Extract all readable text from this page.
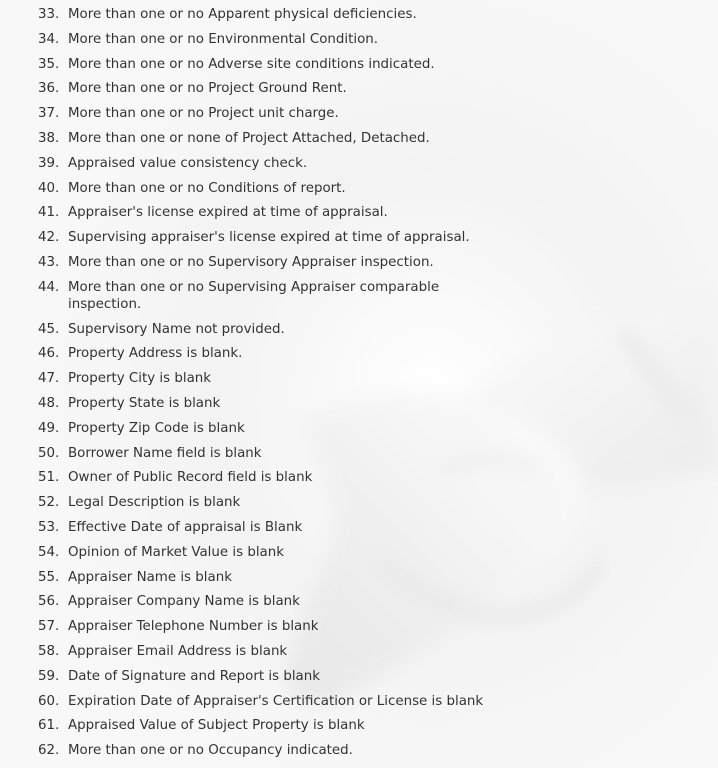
33. More than one or no Apparent physical deficiencies.
34. More than one or no Environmental Condition.
35. More than one or no Adverse site conditions indicated.
36. More than one or no Project Ground Rent.
37. More than one or no Project unit charge.
38. More than one or none of Project Attached, Detached.
39. Appraised value consistency check.
40. More than one or no Conditions of report.
41. Appraiser's license expired at time of appraisal.
42. Supervising appraiser's license expired at time of appraisal.
43. More than one or no Supervisory Appraiser inspection.
44. More than one or no Supervising Appraiser comparable inspection.
45. Supervisory Name not provided.
46. Property Address is blank.
47. Property City is blank
48. Property State is blank
49. Property Zip Code is blank
50. Borrower Name field is blank
51. Owner of Public Record field is blank
52. Legal Description is blank
53. Effective Date of appraisal is Blank
54. Opinion of Market Value is blank
55. Appraiser Name is blank
56. Appraiser Company Name is blank
57. Appraiser Telephone Number is blank
58. Appraiser Email Address is blank
59. Date of Signature and Report is blank
60. Expiration Date of Appraiser's Certification or License is blank
61. Appraised Value of Subject Property is blank
62. More than one or no Occupancy indicated.
